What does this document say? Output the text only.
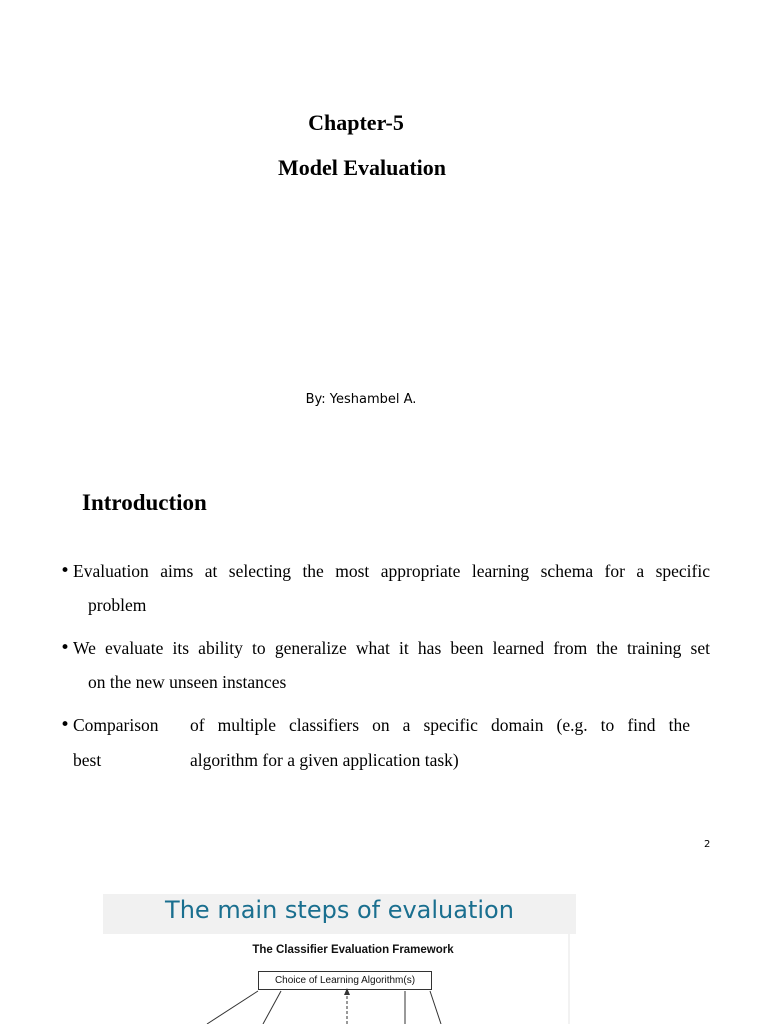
Chapter-5
Model Evaluation
By: Yeshambel A.
Introduction
• Evaluation aims at selecting the most appropriate learning schema for a specific
problem
• We evaluate its ability to generalize what it has been learned from the training set
on the new unseen instances
• Comparison of multiple classifiers on a specific domain (e.g. to find the
best	algorithm for a given application task)
2
The main steps of evaluation
The Classifier Evaluation Framework
Choice of Learning Algorithm(s)
